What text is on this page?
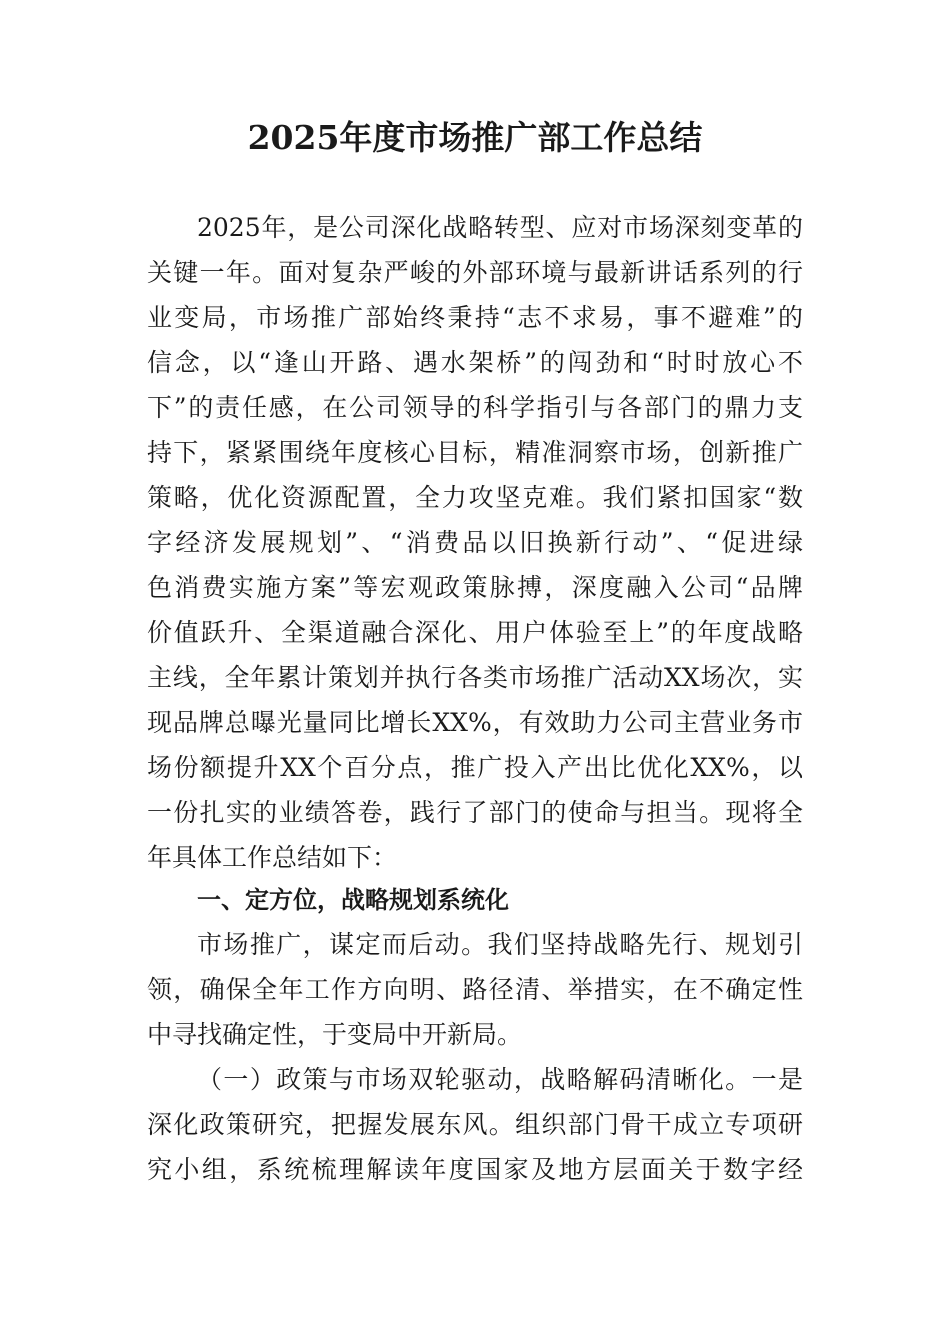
2025年度市场推广部工作总结
2025年，是公司深化战略转型、应对市场深刻变革的
关键一年。面对复杂严峻的外部环境与最新讲话系列的行
业变局，市场推广部始终秉持“志不求易，事不避难”的
信念，以“逢山开路、遇水架桥”的闯劲和“时时放心不
下”的责任感，在公司领导的科学指引与各部门的鼎力支
持下，紧紧围绕年度核心目标，精准洞察市场，创新推广
策略，优化资源配置，全力攻坚克难。我们紧扣国家“数
字经济发展规划”、“消费品以旧换新行动”、“促进绿
色消费实施方案”等宏观政策脉搏，深度融入公司“品牌
价值跃升、全渠道融合深化、用户体验至上”的年度战略
主线，全年累计策划并执行各类市场推广活动XX场次，实
现品牌总曝光量同比增长XX%，有效助力公司主营业务市
场份额提升XX个百分点，推广投入产出比优化XX%，以
一份扎实的业绩答卷，践行了部门的使命与担当。现将全
年具体工作总结如下：
一、定方位，战略规划系统化
市场推广，谋定而后动。我们坚持战略先行、规划引
领，确保全年工作方向明、路径清、举措实，在不确定性
中寻找确定性，于变局中开新局。
（一）政策与市场双轮驱动，战略解码清晰化。一是
深化政策研究，把握发展东风。组织部门骨干成立专项研
究小组，系统梳理解读年度国家及地方层面关于数字经
